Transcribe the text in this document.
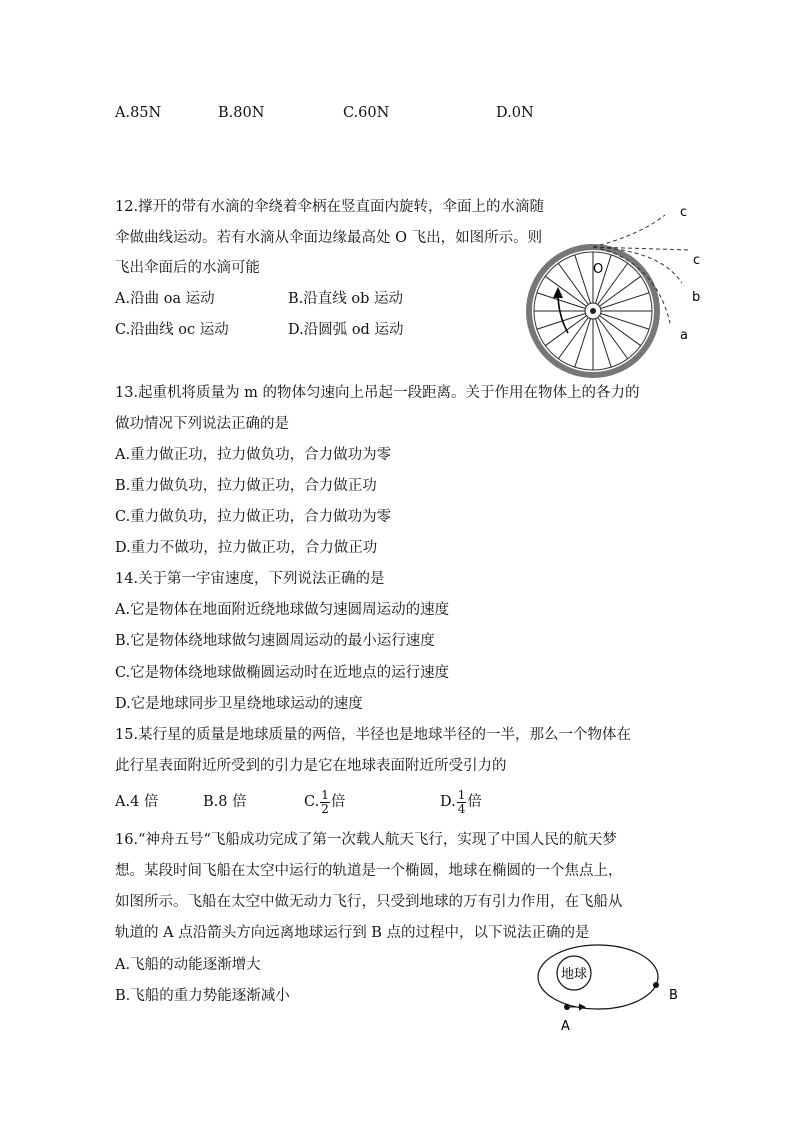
A.85N	B.80N	C.60N	D.0N
12.撑开的带有水滴的伞绕着伞柄在竖直面内旋转，伞面上的水滴随
伞做曲线运动。若有水滴从伞面边缘最高处 O 飞出，如图所示。则
飞出伞面后的水滴可能
A.沿曲 oa 运动	B.沿直线 ob 运动
C.沿曲线 oc 运动	D.沿圆弧 od 运动
O
c
c
b
a
13.起重机将质量为 m 的物体匀速向上吊起一段距离。关于作用在物体上的各力的
做功情况下列说法正确的是
A.重力做正功，拉力做负功，合力做功为零
B.重力做负功，拉力做正功，合力做正功
C.重力做负功，拉力做正功，合力做功为零
D.重力不做功，拉力做正功，合力做正功
14.关于第一宇宙速度，下列说法正确的是
A.它是物体在地面附近绕地球做匀速圆周运动的速度
B.它是物体绕地球做匀速圆周运动的最小运行速度
C.它是物体绕地球做椭圆运动时在近地点的运行速度
D.它是地球同步卫星绕地球运动的速度
15.某行星的质量是地球质量的两倍，半径也是地球半径的一半，那么一个物体在
此行星表面附近所受到的引力是它在地球表面附近所受引力的
A.4 倍	B.8 倍	C. $\frac{1}{2}$ 倍	D. $\frac{1}{4}$ 倍
16.“神舟五号“飞船成功完成了第一次载人航天飞行，实现了中国人民的航天梦
想。某段时间飞船在太空中运行的轨道是一个椭圆，地球在椭圆的一个焦点上，
如图所示。飞船在太空中做无动力飞行，只受到地球的万有引力作用，在飞船从
轨道的 A 点沿箭头方向远离地球运行到 B 点的过程中，以下说法正确的是
A.飞船的动能逐渐增大
B.飞船的重力势能逐渐减小
地球
A
B
